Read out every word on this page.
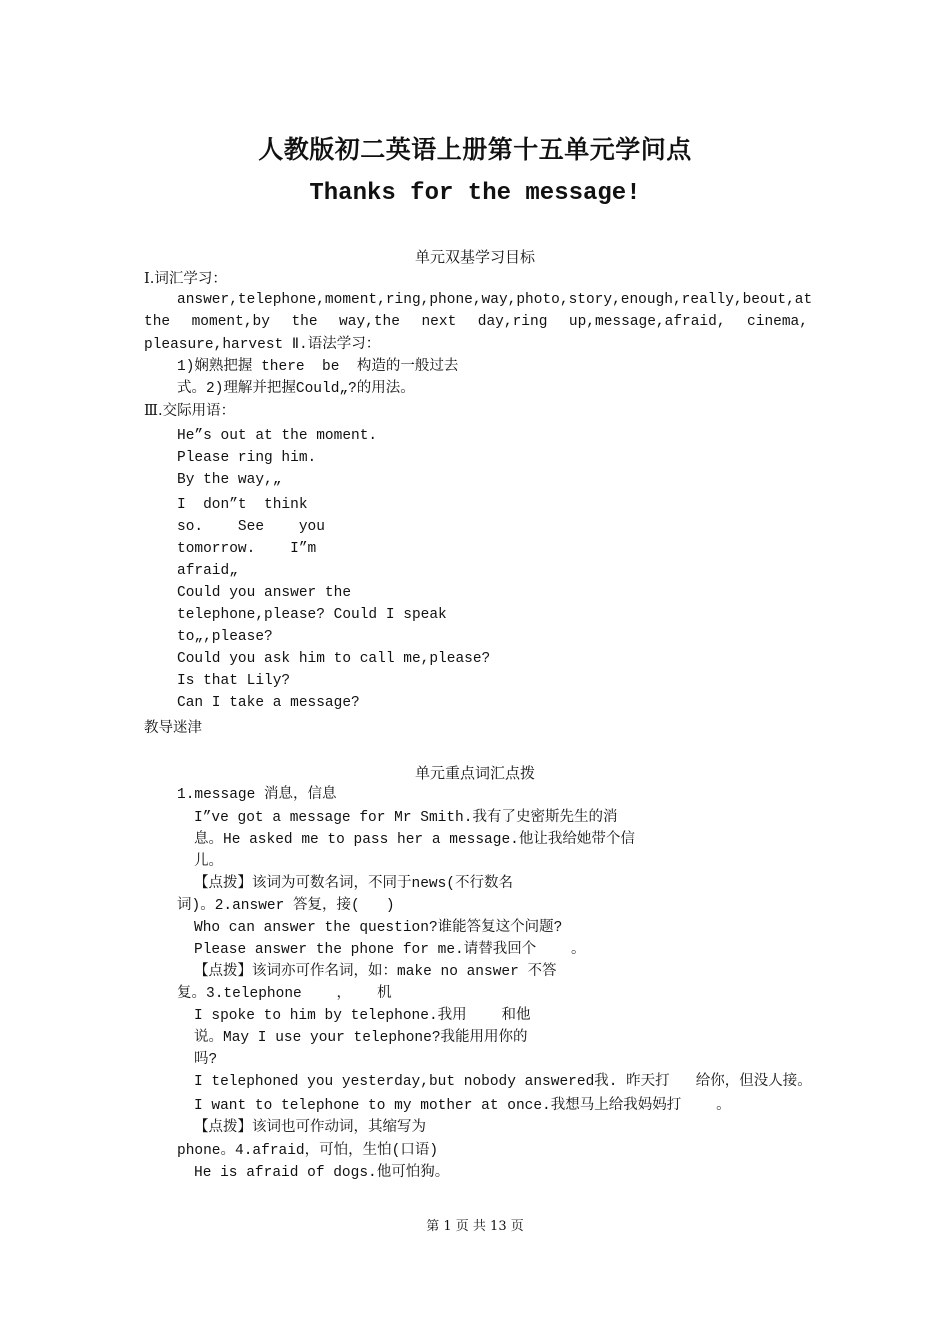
人教版初二英语上册第十五单元学问点
Thanks for the message!
单元双基学习目标
Ⅰ.词汇学习：
answer,telephone,moment,ring,phone,way,photo,story,enough,really,be out,at
the moment,by the way,the next day,ring up,message,afraid, cinema,
pleasure,harvest Ⅱ.语法学习：
1)娴熟把握 there  be  构造的一般过去
式。2)理解并把握Could„?的用法。
Ⅲ.交际用语：
He”s out at the moment.
Please ring him.
By the way,„
I  don”t  think
so.    See    you
tomorrow.    I”m
afraid„
Could you answer the
telephone,please? Could I speak
to„,please?
Could you ask him to call me,please?
Is that Lily?
Can I take a message?
教导迷津
单元重点词汇点拨
1.message 消息，信息
I”ve got a message for Mr Smith.我有了史密斯先生的消
息。He asked me to pass her a message.他让我给她带个信
儿。
【点拨】该词为可数名词，不同于news(不行数名
词)。2.answer 答复，接(   )
Who can answer the question?谁能答复这个问题?
Please answer the phone for me.请替我回个    。
【点拨】该词亦可作名词，如：make no answer 不答
复。3.telephone    ，   机
I spoke to him by telephone.我用    和他
说。May I use your telephone?我能用用你的
吗?
I telephoned you yesterday,but nobody answered我. 昨天打   给你，但没人接。
I want to telephone to my mother at once.我想马上给我妈妈打    。
【点拨】该词也可作动词，其缩写为
phone。4.afraid，可怕，生怕(口语)
He is afraid of dogs.他可怕狗。
第 1 页 共 13 页
